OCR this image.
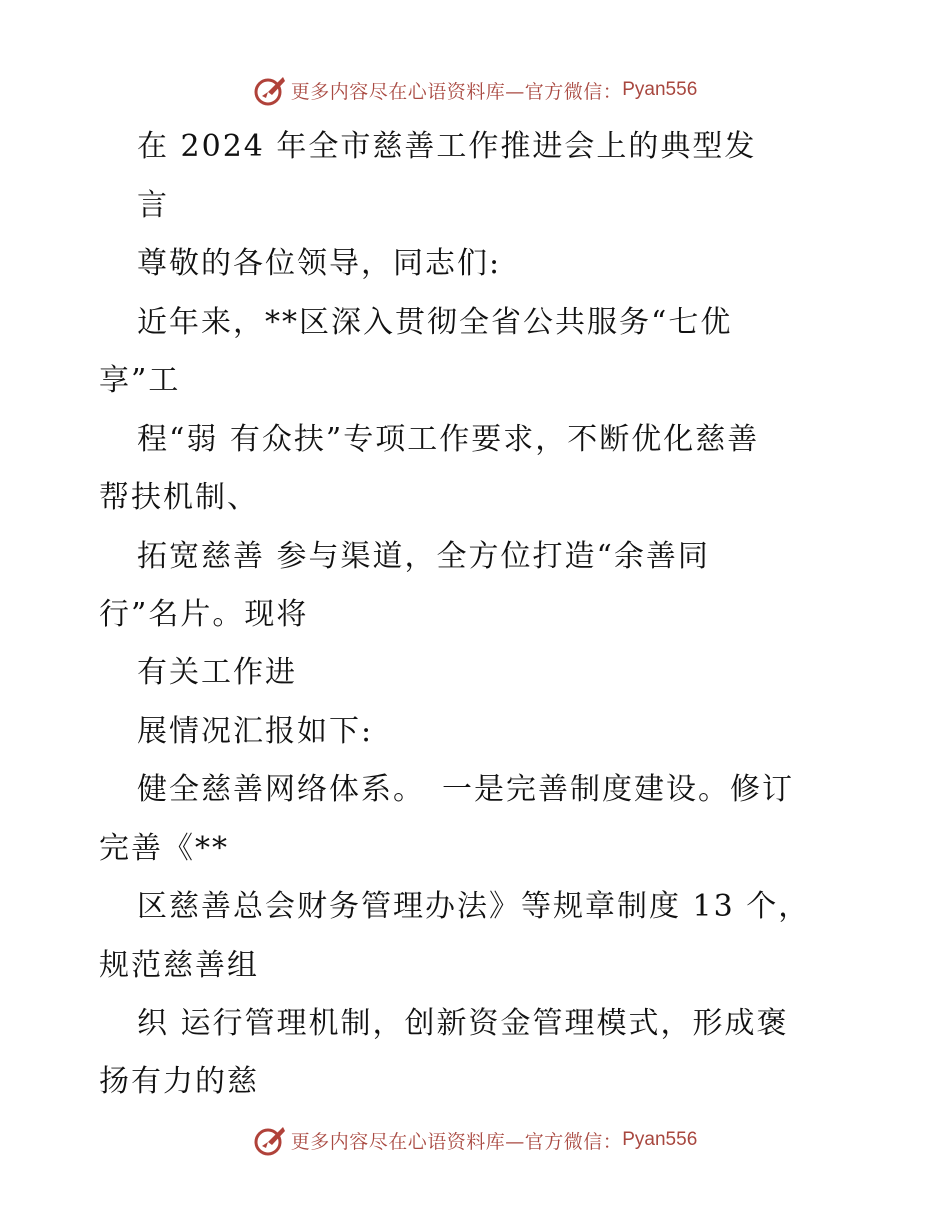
更多内容尽在心语资料库—官方微信： Pyan556
在 2024 年全市慈善工作推进会上的典型发
言
尊敬的各位领导，同志们:
近年来，**区深入贯彻全省公共服务“七优
享”工
程“弱 有众扶”专项工作要求，不断优化慈善
帮扶机制、
拓宽慈善 参与渠道，全方位打造“余善同
行”名片。现将
有关工作进
展情况汇报如下:
健全慈善网络体系。　一是完善制度建设。修订
完善《**
区慈善总会财务管理办法》等规章制度 13 个，
规范慈善组
织 运行管理机制，创新资金管理模式，形成褒
扬有力的慈
更多内容尽在心语资料库—官方微信： Pyan556
